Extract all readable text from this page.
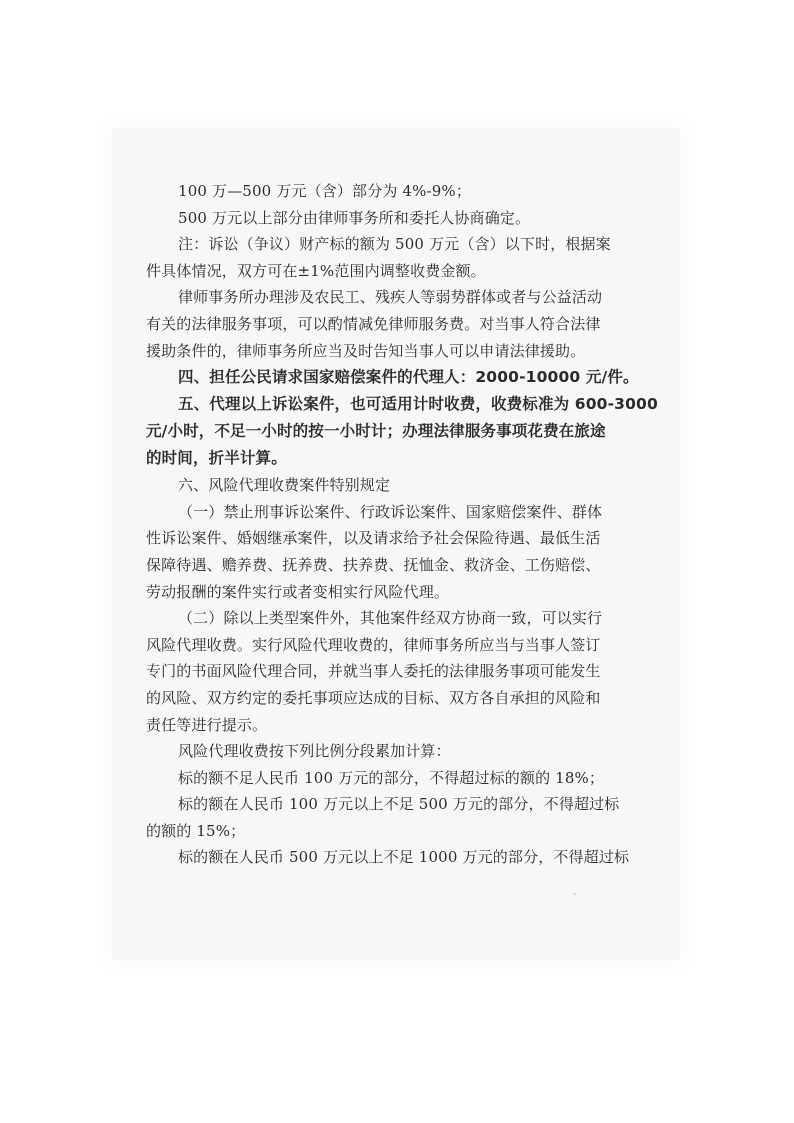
100 万—500 万元（含）部分为 4%-9%；

500 万元以上部分由律师事务所和委托人协商确定。

注：诉讼（争议）财产标的额为 500 万元（含）以下时，根据案
件具体情况，双方可在±1%范围内调整收费金额。

律师事务所办理涉及农民工、残疾人等弱势群体或者与公益活动
有关的法律服务事项，可以酌情减免律师服务费。对当事人符合法律
援助条件的，律师事务所应当及时告知当事人可以申请法律援助。

四、担任公民请求国家赔偿案件的代理人：2000-10000 元/件。

五、代理以上诉讼案件，也可适用计时收费，收费标准为 600-3000
元/小时，不足一小时的按一小时计；办理法律服务事项花费在旅途
的时间，折半计算。

六、风险代理收费案件特别规定

（一）禁止刑事诉讼案件、行政诉讼案件、国家赔偿案件、群体
性诉讼案件、婚姻继承案件，以及请求给予社会保险待遇、最低生活
保障待遇、赡养费、抚养费、扶养费、抚恤金、救济金、工伤赔偿、
劳动报酬的案件实行或者变相实行风险代理。

（二）除以上类型案件外，其他案件经双方协商一致，可以实行
风险代理收费。实行风险代理收费的，律师事务所应当与当事人签订
专门的书面风险代理合同，并就当事人委托的法律服务事项可能发生
的风险、双方约定的委托事项应达成的目标、双方各自承担的风险和
责任等进行提示。

风险代理收费按下列比例分段累加计算：

标的额不足人民币 100 万元的部分，不得超过标的额的 18%；

标的额在人民币 100 万元以上不足 500 万元的部分，不得超过标
的额的 15%；

标的额在人民币 500 万元以上不足 1000 万元的部分，不得超过标

ˇ
